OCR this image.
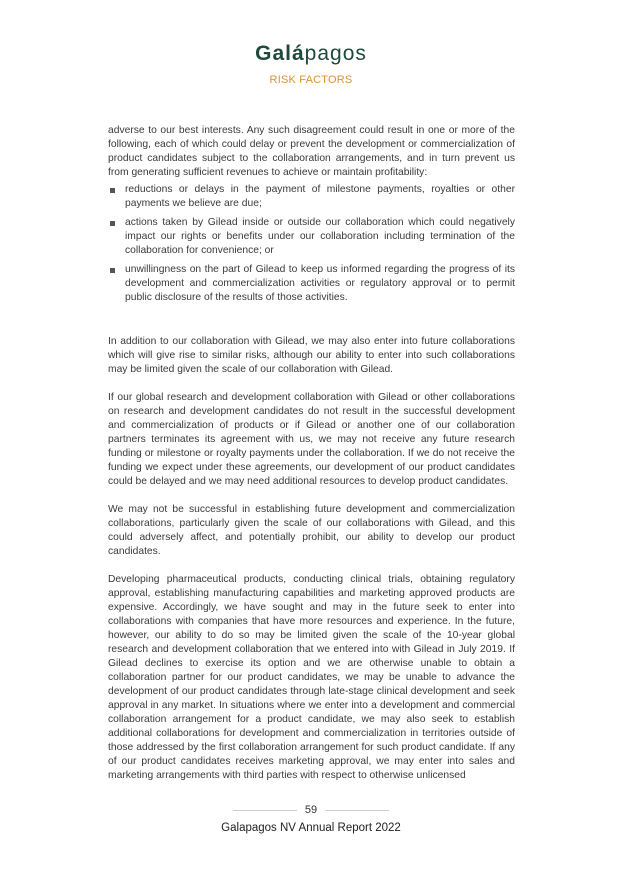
Galápagos
RISK FACTORS

adverse to our best interests. Any such disagreement could result in one or more of the following, each of which could delay or prevent the development or commercialization of product candidates subject to the collaboration arrangements, and in turn prevent us from generating sufficient revenues to achieve or maintain profitability:

reductions or delays in the payment of milestone payments, royalties or other payments we believe are due;
actions taken by Gilead inside or outside our collaboration which could negatively impact our rights or benefits under our collaboration including termination of the collaboration for convenience; or
unwillingness on the part of Gilead to keep us informed regarding the progress of its development and commercialization activities or regulatory approval or to permit public disclosure of the results of those activities.

In addition to our collaboration with Gilead, we may also enter into future collaborations which will give rise to similar risks, although our ability to enter into such collaborations may be limited given the scale of our collaboration with Gilead.

If our global research and development collaboration with Gilead or other collaborations on research and development candidates do not result in the successful development and commercialization of products or if Gilead or another one of our collaboration partners terminates its agreement with us, we may not receive any future research funding or milestone or royalty payments under the collaboration. If we do not receive the funding we expect under these agreements, our development of our product candidates could be delayed and we may need additional resources to develop product candidates.

We may not be successful in establishing future development and commercialization collaborations, particularly given the scale of our collaborations with Gilead, and this could adversely affect, and potentially prohibit, our ability to develop our product candidates.

Developing pharmaceutical products, conducting clinical trials, obtaining regulatory approval, establishing manufacturing capabilities and marketing approved products are expensive. Accordingly, we have sought and may in the future seek to enter into collaborations with companies that have more resources and experience. In the future, however, our ability to do so may be limited given the scale of the 10-year global research and development collaboration that we entered into with Gilead in July 2019. If Gilead declines to exercise its option and we are otherwise unable to obtain a collaboration partner for our product candidates, we may be unable to advance the development of our product candidates through late-stage clinical development and seek approval in any market. In situations where we enter into a development and commercial collaboration arrangement for a product candidate, we may also seek to establish additional collaborations for development and commercialization in territories outside of those addressed by the first collaboration arrangement for such product candidate. If any of our product candidates receives marketing approval, we may enter into sales and marketing arrangements with third parties with respect to otherwise unlicensed

59
Galapagos NV Annual Report 2022
